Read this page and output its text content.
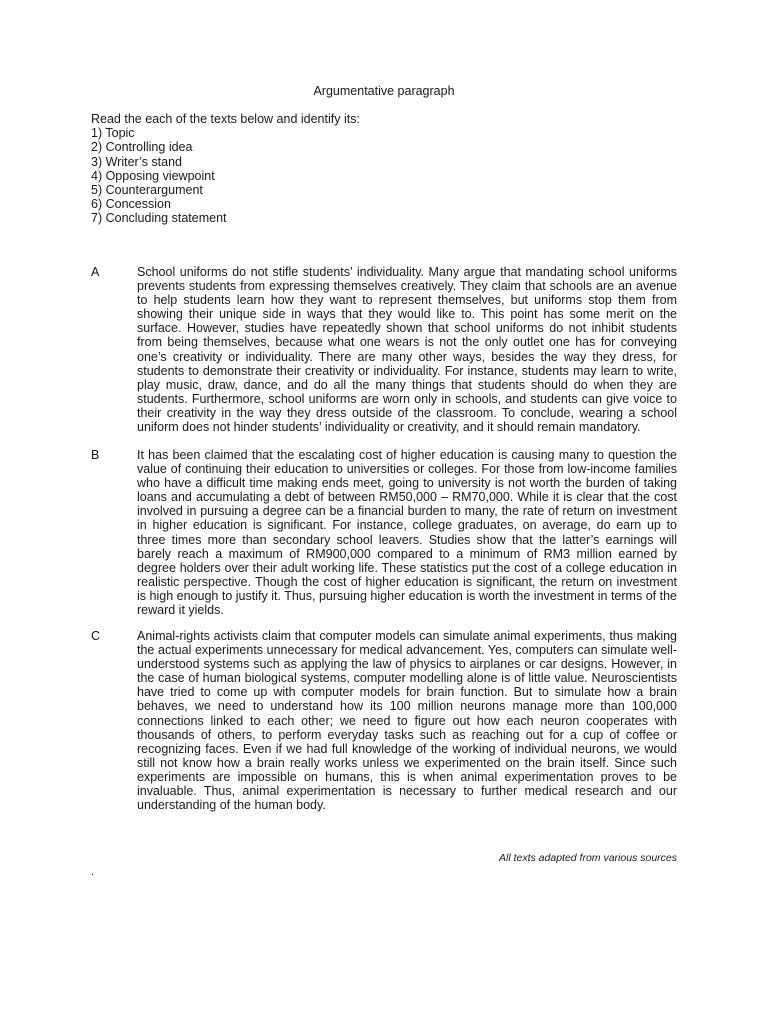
Argumentative paragraph

Read the each of the texts below and identify its:

1) Topic
2) Controlling idea
3) Writer’s stand
4) Opposing viewpoint
5) Counterargument
6) Concession
7) Concluding statement
A	School uniforms do not stifle students’ individuality. Many argue that mandating school uniforms prevents students from expressing themselves creatively. They claim that schools are an avenue to help students learn how they want to represent themselves, but uniforms stop them from showing their unique side in ways that they would like to. This point has some merit on the surface. However, studies have repeatedly shown that school uniforms do not inhibit students from being themselves, because what one wears is not the only outlet one has for conveying one’s creativity or individuality. There are many other ways, besides the way they dress, for students to demonstrate their creativity or individuality. For instance, students may learn to write, play music, draw, dance, and do all the many things that students should do when they are students. Furthermore, school uniforms are worn only in schools, and students can give voice to their creativity in the way they dress outside of the classroom. To conclude, wearing a school uniform does not hinder students’ individuality or creativity, and it should remain mandatory.
B	It has been claimed that the escalating cost of higher education is causing many to question the value of continuing their education to universities or colleges. For those from low-income families who have a difficult time making ends meet, going to university is not worth the burden of taking loans and accumulating a debt of between RM50,000 – RM70,000. While it is clear that the cost involved in pursuing a degree can be a financial burden to many, the rate of return on investment in higher education is significant. For instance, college graduates, on average, do earn up to three times more than secondary school leavers. Studies show that the latter’s earnings will barely reach a maximum of RM900,000 compared to a minimum of RM3 million earned by degree holders over their adult working life. These statistics put the cost of a college education in realistic perspective. Though the cost of higher education is significant, the return on investment is high enough to justify it. Thus, pursuing higher education is worth the investment in terms of the reward it yields.
C	Animal-rights activists claim that computer models can simulate animal experiments, thus making the actual experiments unnecessary for medical advancement. Yes, computers can simulate well-understood systems such as applying the law of physics to airplanes or car designs. However, in the case of human biological systems, computer modelling alone is of little value. Neuroscientists have tried to come up with computer models for brain function. But to simulate how a brain behaves, we need to understand how its 100 million neurons manage more than 100,000 connections linked to each other; we need to figure out how each neuron cooperates with thousands of others, to perform everyday tasks such as reaching out for a cup of coffee or recognizing faces. Even if we had full knowledge of the working of individual neurons, we would still not know how a brain really works unless we experimented on the brain itself. Since such experiments are impossible on humans, this is when animal experimentation proves to be invaluable. Thus, animal experimentation is necessary to further medical research and our understanding of the human body.
All texts adapted from various sources
.
